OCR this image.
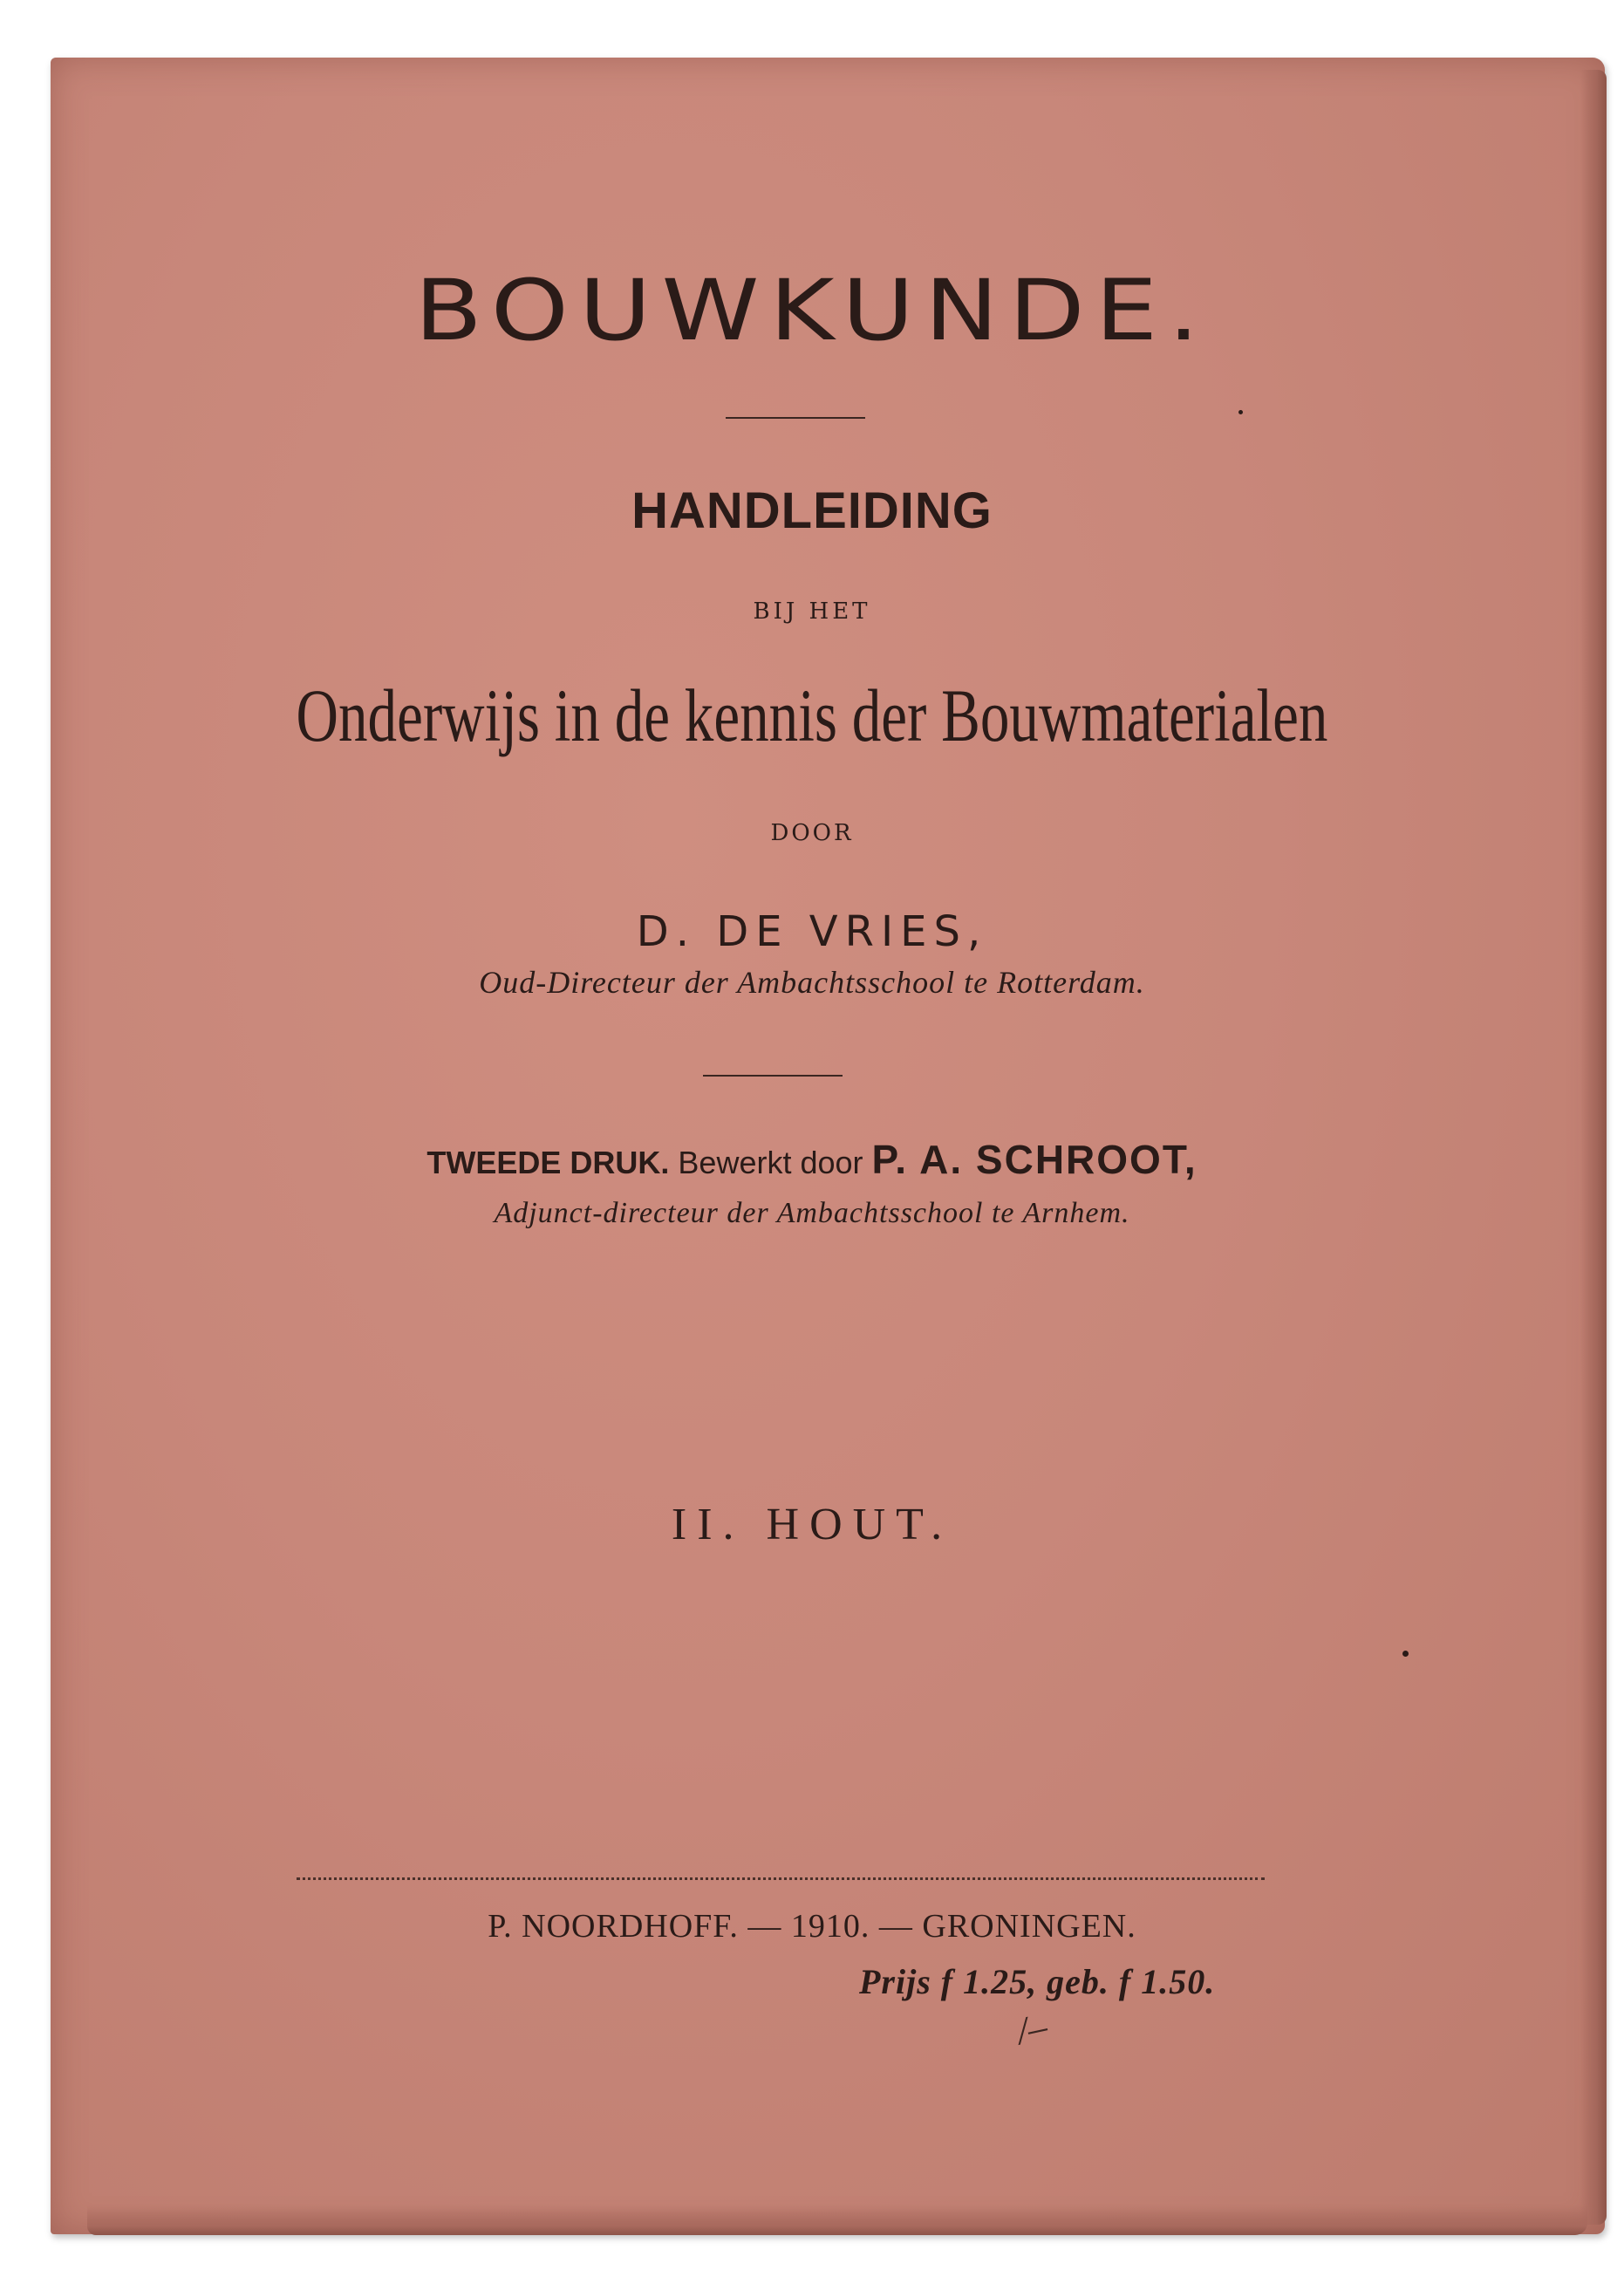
BOUWKUNDE.
HANDLEIDING
BIJ HET
Onderwijs in de kennis der Bouwmaterialen
DOOR
D. DE VRIES,
Oud-Directeur der Ambachtsschool te Rotterdam.
TWEEDE DRUK. Bewerkt door P. A. SCHROOT,
Adjunct-directeur der Ambachtsschool te Arnhem.
II. HOUT.
P. NOORDHOFF. — 1910. — GRONINGEN.
Prijs f 1.25, geb. f 1.50.
/–
